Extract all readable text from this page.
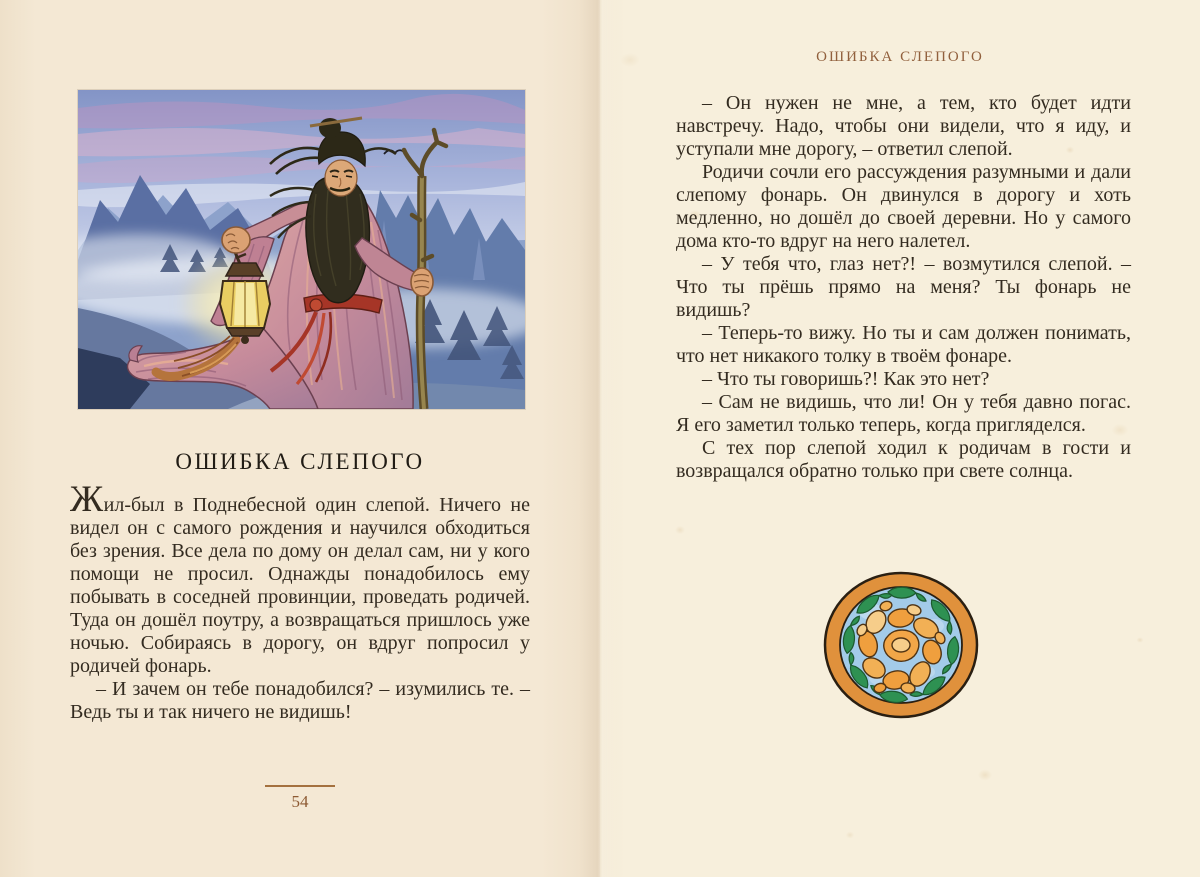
ОШИБКА СЛЕПОГО

Жил-был в Поднебесной один слепой. Ничего не видел он с самого рождения и научился обходиться без зрения. Все дела по дому он делал сам, ни у кого помощи не просил. Однажды понадобилось ему побывать в соседней провинции, проведать родичей. Туда он дошёл поутру, а возвращаться пришлось уже ночью. Собираясь в дорогу, он вдруг попросил у родичей фонарь.

– И зачем он тебе понадобился? – изумились те. – Ведь ты и так ничего не видишь!

54
ОШИБКА СЛЕПОГО

– Он нужен не мне, а тем, кто будет идти навстречу. Надо, чтобы они видели, что я иду, и уступали мне дорогу, – ответил слепой.

Родичи сочли его рассуждения разумными и дали слепому фонарь. Он двинулся в дорогу и хоть медленно, но дошёл до своей деревни. Но у самого дома кто-то вдруг на него налетел.

– У тебя что, глаз нет?! – возмутился слепой. – Что ты прёшь прямо на меня? Ты фонарь не видишь?

– Теперь-то вижу. Но ты и сам должен понимать, что нет никакого толку в твоём фонаре.

– Что ты говоришь?! Как это нет?

– Сам не видишь, что ли! Он у тебя давно погас. Я его заметил только теперь, когда пригляделся.

С тех пор слепой ходил к родичам в гости и возвращался обратно только при свете солнца.
